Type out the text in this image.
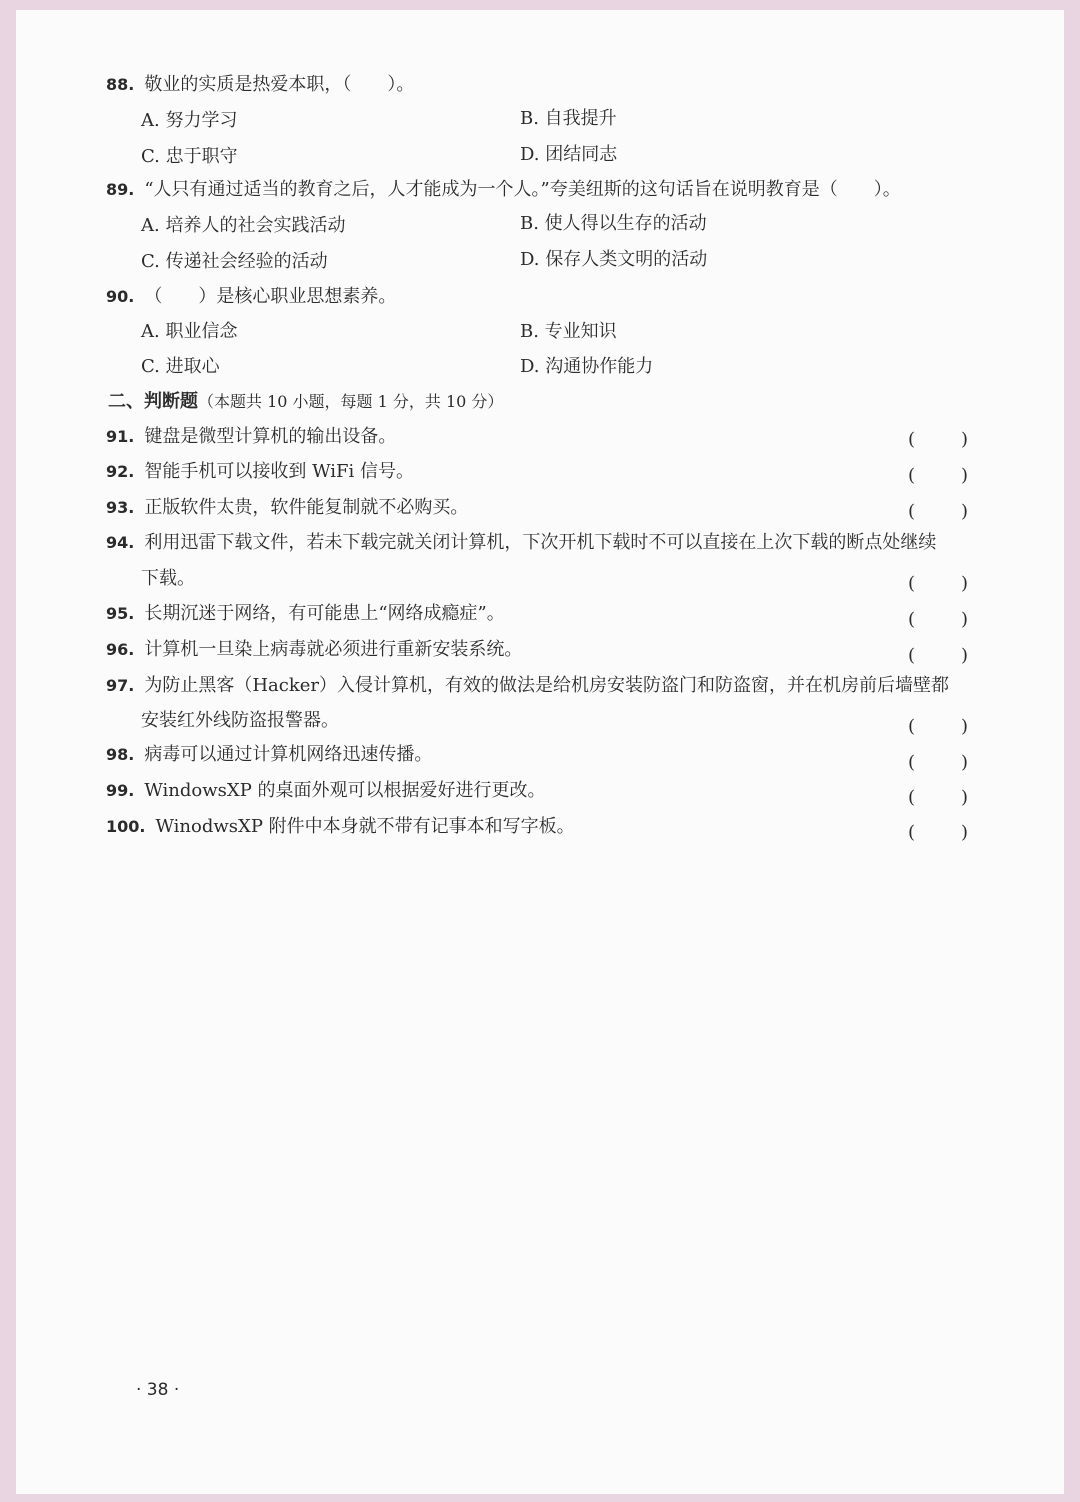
88. 敬业的实质是热爱本职，（　　）。
A. 努力学习	B. 自我提升
C. 忠于职守	D. 团结同志
89. “人只有通过适当的教育之后，人才能成为一个人。”夸美纽斯的这句话旨在说明教育是（　　）。
A. 培养人的社会实践活动	B. 使人得以生存的活动
C. 传递社会经验的活动	D. 保存人类文明的活动
90. （　　）是核心职业思想素养。
A. 职业信念	B. 专业知识
C. 进取心	D. 沟通协作能力
二、判断题（本题共 10 小题，每题 1 分，共 10 分）
91. 键盘是微型计算机的输出设备。	(	)
92. 智能手机可以接收到 WiFi 信号。	(	)
93. 正版软件太贵，软件能复制就不必购买。	(	)
94. 利用迅雷下载文件，若未下载完就关闭计算机，下次开机下载时不可以直接在上次下载的断点处继续
下载。	(	)
95. 长期沉迷于网络，有可能患上“网络成瘾症”。	(	)
96. 计算机一旦染上病毒就必须进行重新安装系统。	(	)
97. 为防止黑客（Hacker）入侵计算机，有效的做法是给机房安装防盗门和防盗窗，并在机房前后墙壁都
安装红外线防盗报警器。	(	)
98. 病毒可以通过计算机网络迅速传播。	(	)
99. WindowsXP 的桌面外观可以根据爱好进行更改。	(	)
100. WinodwsXP 附件中本身就不带有记事本和写字板。	(	)
· 38 ·
